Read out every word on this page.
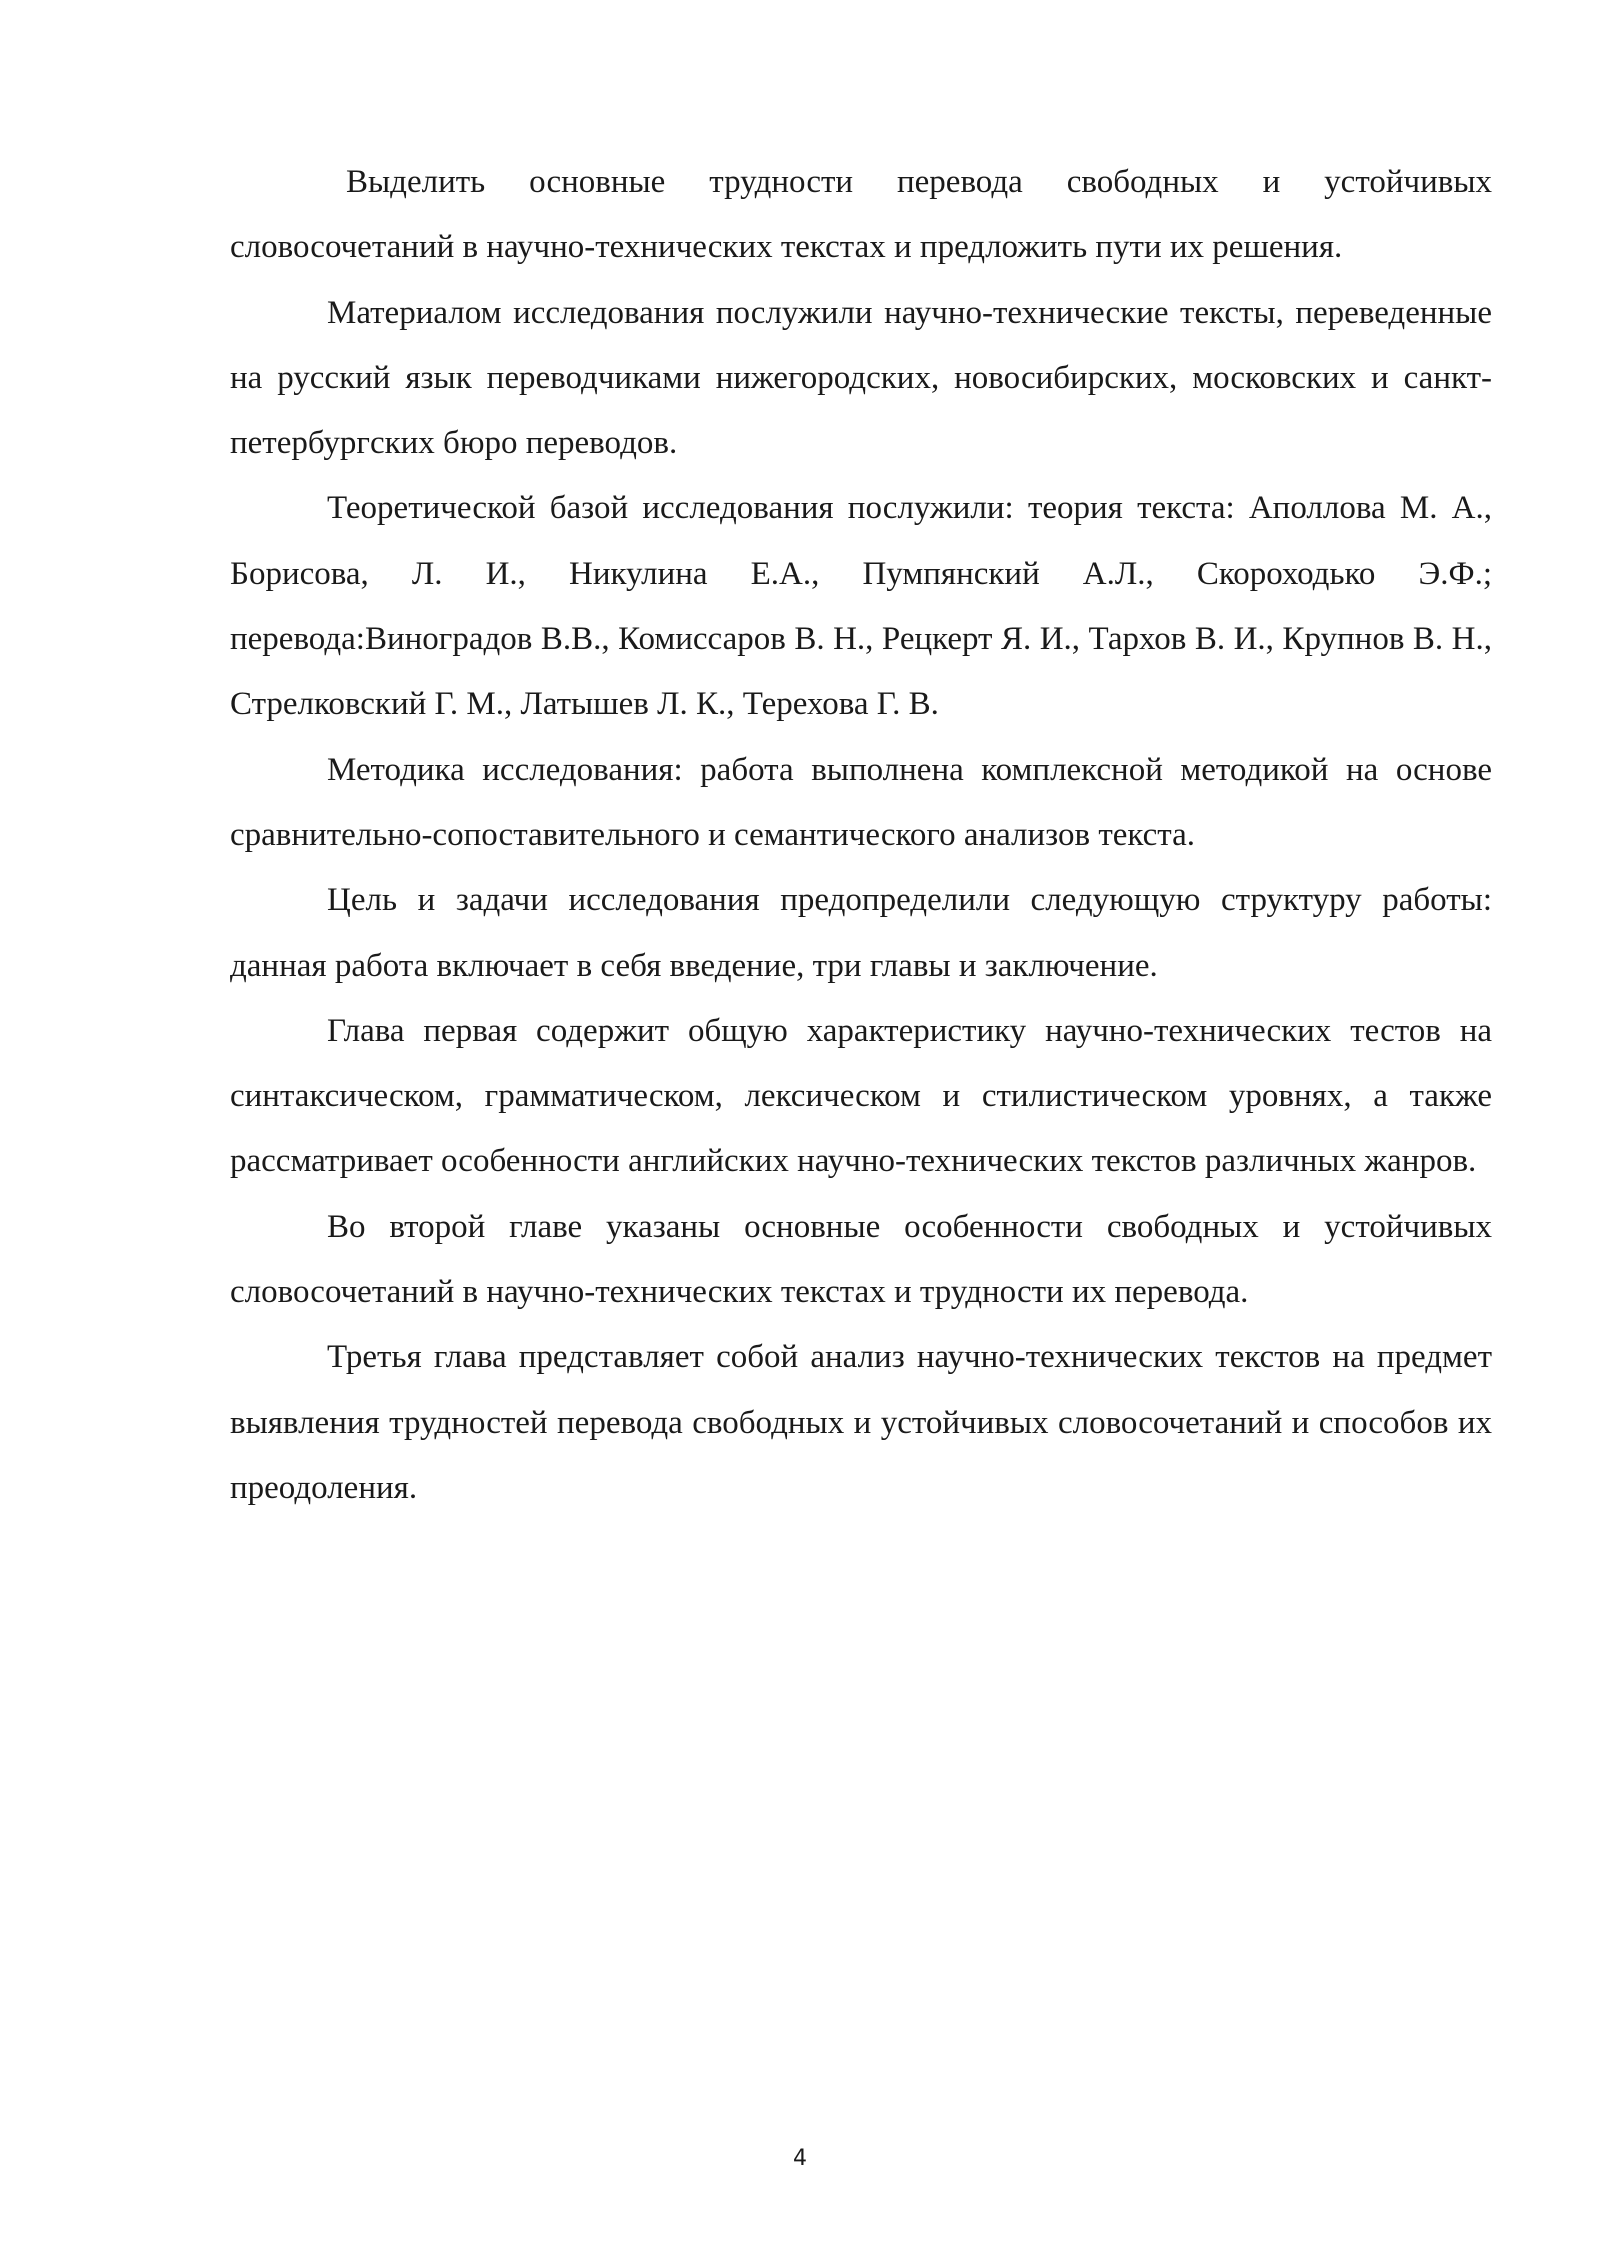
Выделить основные трудности перевода свободных и устойчивых словосочетаний в научно-технических текстах и предложить пути их решения.

Материалом исследования послужили научно-технические тексты, переведенные на русский язык переводчиками нижегородских, новосибирских, московских и санкт-петербургских бюро переводов.

Теоретической базой исследования послужили: теория текста: Аполлова М. А., Борисова, Л. И., Никулина Е.А., Пумпянский А.Л., Скороходько Э.Ф.; перевода:Виноградов В.В., Комиссаров В. Н., Рецкерт Я. И., Тархов В. И., Крупнов В. Н., Стрелковский Г. М., Латышев Л. К., Терехова Г. В.

Методика исследования: работа выполнена комплексной методикой на основе сравнительно-сопоставительного и семантического анализов текста.

Цель и задачи исследования предопределили следующую структуру работы: данная работа включает в себя введение, три главы и заключение.

Глава первая содержит общую характеристику научно-технических тестов на синтаксическом, грамматическом, лексическом и стилистическом уровнях, а также рассматривает особенности английских научно-технических текстов различных жанров.

Во второй главе указаны основные особенности свободных и устойчивых словосочетаний в научно-технических текстах и трудности их перевода.

Третья глава представляет собой анализ научно-технических текстов на предмет выявления трудностей перевода свободных и устойчивых словосочетаний и способов их преодоления.

4
